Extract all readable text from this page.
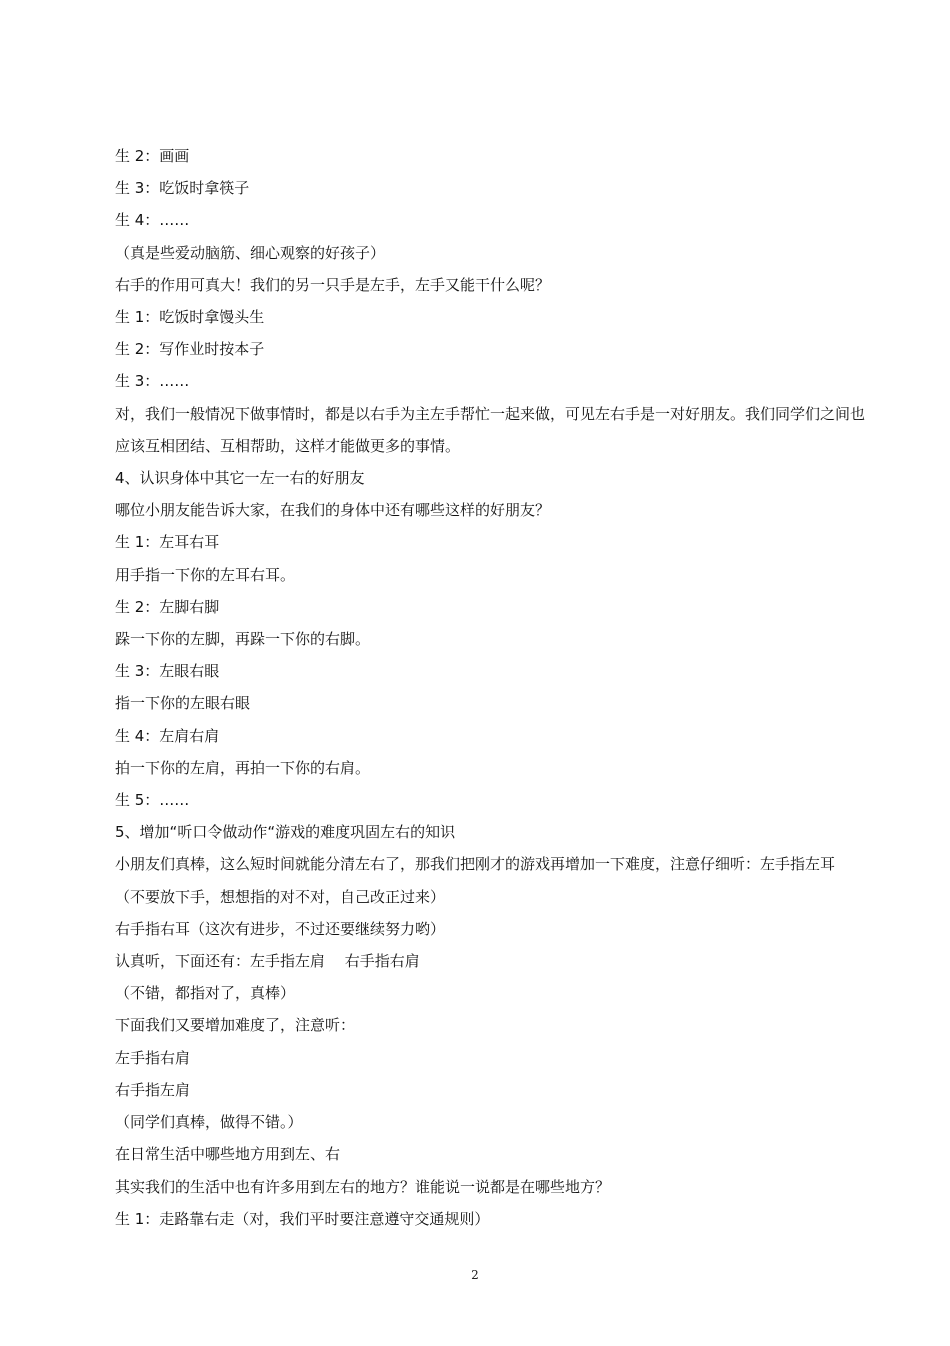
生 2：画画
生 3：吃饭时拿筷子
生 4：……
（真是些爱动脑筋、细心观察的好孩子）
右手的作用可真大！我们的另一只手是左手，左手又能干什么呢？
生 1：吃饭时拿馒头生
生 2：写作业时按本子
生 3：……
对，我们一般情况下做事情时，都是以右手为主左手帮忙一起来做，可见左右手是一对好朋友。我们同学们之间也应该互相团结、互相帮助，这样才能做更多的事情。
4、认识身体中其它一左一右的好朋友
哪位小朋友能告诉大家，在我们的身体中还有哪些这样的好朋友？
生 1：左耳右耳
用手指一下你的左耳右耳。
生 2：左脚右脚
跺一下你的左脚，再跺一下你的右脚。
生 3：左眼右眼
指一下你的左眼右眼
生 4：左肩右肩
拍一下你的左肩，再拍一下你的右肩。
生 5：……
5、增加“听口令做动作“游戏的难度巩固左右的知识
小朋友们真棒，这么短时间就能分清左右了，那我们把刚才的游戏再增加一下难度，注意仔细听：左手指左耳
（不要放下手，想想指的对不对，自己改正过来）
右手指右耳（这次有进步，不过还要继续努力哟）
认真听，下面还有：左手指左肩　 右手指右肩
（不错，都指对了，真棒）
下面我们又要增加难度了，注意听：
左手指右肩
右手指左肩
（同学们真棒，做得不错。）
在日常生活中哪些地方用到左、右
其实我们的生活中也有许多用到左右的地方？谁能说一说都是在哪些地方？
生 1：走路靠右走（对，我们平时要注意遵守交通规则）
2
